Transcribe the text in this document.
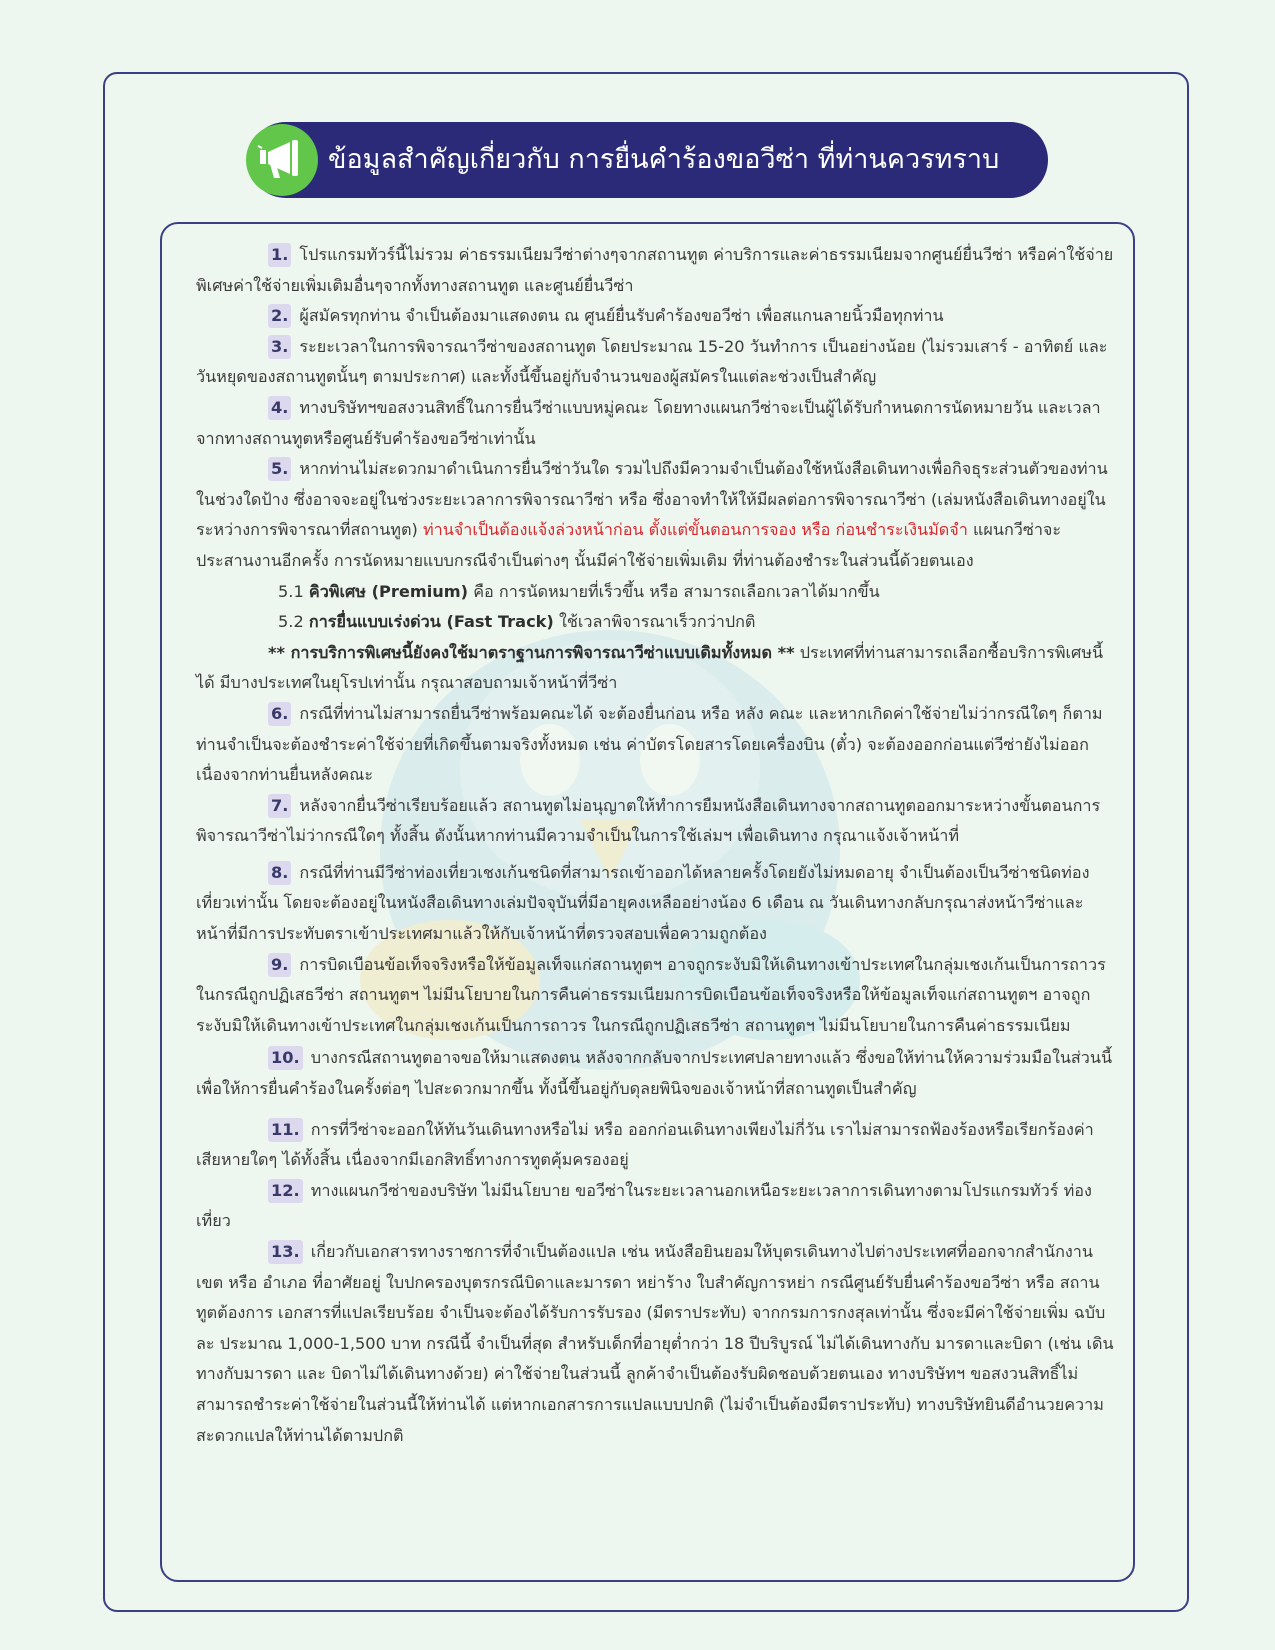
ข้อมูลสำคัญเกี่ยวกับ การยื่นคำร้องขอวีซ่า ที่ท่านควรทราบ

1. โปรแกรมทัวร์นี้ไม่รวม ค่าธรรมเนียมวีซ่าต่างๆจากสถานทูต ค่าบริการและค่าธรรมเนียมจากศูนย์ยื่นวีซ่า หรือค่าใช้จ่ายพิเศษค่าใช้จ่ายเพิ่มเติมอื่นๆจากทั้งทางสถานทูต และศูนย์ยื่นวีซ่า

2. ผู้สมัครทุกท่าน จำเป็นต้องมาแสดงตน ณ ศูนย์ยื่นรับคำร้องขอวีซ่า เพื่อสแกนลายนิ้วมือทุกท่าน

3. ระยะเวลาในการพิจารณาวีซ่าของสถานทูต โดยประมาณ 15-20 วันทำการ เป็นอย่างน้อย (ไม่รวมเสาร์ - อาทิตย์ และวันหยุดของสถานทูตนั้นๆ ตามประกาศ) และทั้งนี้ขึ้นอยู่กับจำนวนของผู้สมัครในแต่ละช่วงเป็นสำคัญ

4. ทางบริษัทฯขอสงวนสิทธิ์ในการยื่นวีซ่าแบบหมู่คณะ โดยทางแผนกวีซ่าจะเป็นผู้ได้รับกำหนดการนัดหมายวัน และเวลาจากทางสถานทูตหรือศูนย์รับคำร้องขอวีซ่าเท่านั้น

5. หากท่านไม่สะดวกมาดำเนินการยื่นวีซ่าวันใด รวมไปถึงมีความจำเป็นต้องใช้หนังสือเดินทางเพื่อกิจธุระส่วนตัวของท่านในช่วงใดป้าง ซึ่งอาจจะอยู่ในช่วงระยะเวลาการพิจารณาวีซ่า หรือ ซึ่งอาจทำให้ให้มีผลต่อการพิจารณาวีซ่า (เล่มหนังสือเดินทางอยู่ในระหว่างการพิจารณาที่สถานทูต) ท่านจำเป็นต้องแจ้งล่วงหน้าก่อน ตั้งแต่ขั้นตอนการจอง หรือ ก่อนชำระเงินมัดจำ แผนกวีซ่าจะประสานงานอีกครั้ง การนัดหมายแบบกรณีจำเป็นต่างๆ นั้นมีค่าใช้จ่ายเพิ่มเติม ที่ท่านต้องชำระในส่วนนี้ด้วยตนเอง

5.1 คิวพิเศษ (Premium) คือ การนัดหมายที่เร็วขึ้น หรือ สามารถเลือกเวลาได้มากขึ้น

5.2 การยื่นแบบเร่งด่วน (Fast Track) ใช้เวลาพิจารณาเร็วกว่าปกติ

** การบริการพิเศษนี้ยังคงใช้มาตราฐานการพิจารณาวีซ่าแบบเดิมทั้งหมด ** ประเทศที่ท่านสามารถเลือกซื้อบริการพิเศษนี้ได้ มีบางประเทศในยุโรปเท่านั้น กรุณาสอบถามเจ้าหน้าที่วีซ่า

6. กรณีที่ท่านไม่สามารถยื่นวีซ่าพร้อมคณะได้ จะต้องยื่นก่อน หรือ หลัง คณะ และหากเกิดค่าใช้จ่ายไม่ว่ากรณีใดๆ ก็ตาม ท่านจำเป็นจะต้องชำระค่าใช้จ่ายที่เกิดขึ้นตามจริงทั้งหมด เช่น ค่าบัตรโดยสารโดยเครื่องบิน (ตั๋ว) จะต้องออกก่อนแต่วีซ่ายังไม่ออก เนื่องจากท่านยื่นหลังคณะ

7. หลังจากยื่นวีซ่าเรียบร้อยแล้ว สถานทูตไม่อนุญาตให้ทำการยืมหนังสือเดินทางจากสถานทูตออกมาระหว่างขั้นตอนการพิจารณาวีซ่าไม่ว่ากรณีใดๆ ทั้งสิ้น ดังนั้นหากท่านมีความจำเป็นในการใช้เล่มฯ เพื่อเดินทาง กรุณาแจ้งเจ้าหน้าที่

8. กรณีที่ท่านมีวีซ่าท่องเที่ยวเชงเก้นชนิดที่สามารถเข้าออกได้หลายครั้งโดยยังไม่หมดอายุ จำเป็นต้องเป็นวีซ่าชนิดท่องเที่ยวเท่านั้น โดยจะต้องอยู่ในหนังสือเดินทางเล่มปัจจุบันที่มีอายุคงเหลืออย่างน้อง 6 เดือน ณ วันเดินทางกลับกรุณาส่งหน้าวีซ่าและหน้าที่มีการประทับตราเข้าประเทศมาแล้วให้กับเจ้าหน้าที่ตรวจสอบเพื่อความถูกต้อง

9. การบิดเบือนข้อเท็จจริงหรือให้ข้อมูลเท็จแก่สถานทูตฯ อาจถูกระงับมิให้เดินทางเข้าประเทศในกลุ่มเชงเก้นเป็นการถาวร ในกรณีถูกปฏิเสธวีซ่า สถานทูตฯ ไม่มีนโยบายในการคืนค่าธรรมเนียมการบิดเบือนข้อเท็จจริงหรือให้ข้อมูลเท็จแก่สถานทูตฯ อาจถูกระงับมิให้เดินทางเข้าประเทศในกลุ่มเชงเก้นเป็นการถาวร ในกรณีถูกปฏิเสธวีซ่า สถานทูตฯ ไม่มีนโยบายในการคืนค่าธรรมเนียม

10. บางกรณีสถานทูตอาจขอให้มาแสดงตน หลังจากกลับจากประเทศปลายทางแล้ว ซึ่งขอให้ท่านให้ความร่วมมือในส่วนนี้เพื่อให้การยื่นคำร้องในครั้งต่อๆ ไปสะดวกมากขึ้น ทั้งนี้ขึ้นอยู่กับดุลยพินิจของเจ้าหน้าที่สถานทูตเป็นสำคัญ

11. การที่วีซ่าจะออกให้ทันวันเดินทางหรือไม่ หรือ ออกก่อนเดินทางเพียงไม่กี่วัน เราไม่สามารถฟ้องร้องหรือเรียกร้องค่าเสียหายใดๆ ได้ทั้งสิ้น เนื่องจากมีเอกสิทธิ์ทางการทูตคุ้มครองอยู่

12. ทางแผนกวีซ่าของบริษัท ไม่มีนโยบาย ขอวีซ่าในระยะเวลานอกเหนือระยะเวลาการเดินทางตามโปรแกรมทัวร์ ท่องเที่ยว

13. เกี่ยวกับเอกสารทางราชการที่จำเป็นต้องแปล เช่น หนังสือยินยอมให้บุตรเดินทางไปต่างประเทศที่ออกจากสำนักงานเขต หรือ อำเภอ ที่อาศัยอยู่ ใบปกครองบุตรกรณีบิดาและมารดา หย่าร้าง ใบสำคัญการหย่า กรณีศูนย์รับยื่นคำร้องขอวีซ่า หรือ สถานทูตต้องการ เอกสารที่แปลเรียบร้อย จำเป็นจะต้องได้รับการรับรอง (มีตราประทับ) จากกรมการกงสุลเท่านั้น ซึ่งจะมีค่าใช้จ่ายเพิ่ม ฉบับละ ประมาณ 1,000-1,500 บาท กรณีนี้ จำเป็นที่สุด สำหรับเด็กที่อายุต่ำกว่า 18 ปีบริบูรณ์ ไม่ได้เดินทางกับ มารดาและบิดา (เช่น เดินทางกับมารดา และ บิดาไม่ได้เดินทางด้วย) ค่าใช้จ่ายในส่วนนี้ ลูกค้าจำเป็นต้องรับผิดชอบด้วยตนเอง ทางบริษัทฯ ขอสงวนสิทธิ์ไม่สามารถชำระค่าใช้จ่ายในส่วนนี้ให้ท่านได้ แต่หากเอกสารการแปลแบบปกติ (ไม่จำเป็นต้องมีตราประทับ) ทางบริษัทยินดีอำนวยความสะดวกแปลให้ท่านได้ตามปกติ
